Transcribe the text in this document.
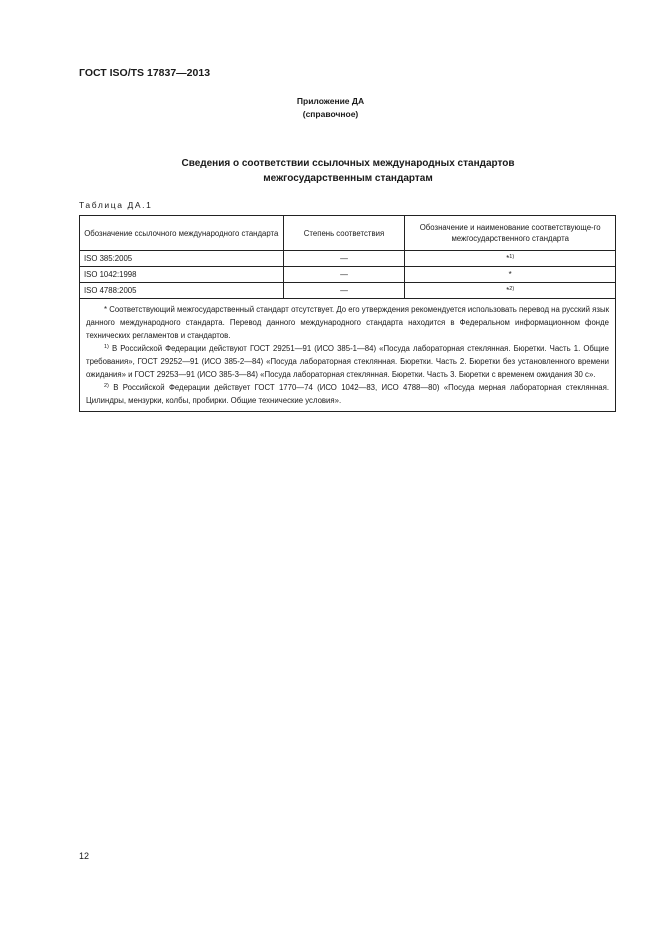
ГОСТ ISO/TS 17837—2013
Приложение ДА
(справочное)
Сведения о соответствии ссылочных международных стандартов
межгосударственным стандартам
Таблица ДА.1
Обозначение ссылочного международного стандарта	Степень соответствия	Обозначение и наименование соответствующе-го межгосударственного стандарта
ISO 385:2005	—	*$^{1)}$
ISO 1042:1998	—	*
ISO 4788:2005	—	*$^{2)}$

* Соответствующий межгосударственный стандарт отсутствует. До его утверждения рекомендуется использовать перевод на русский язык данного международного стандарта. Перевод данного международного стандарта находится в Федеральном информационном фонде технических регламентов и стандартов.

$^{1)}$ В Российской Федерации действуют ГОСТ 29251—91 (ИСО 385-1—84) «Посуда лабораторная стеклянная. Бюретки. Часть 1. Общие требования», ГОСТ 29252—91 (ИСО 385-2—84) «Посуда лабораторная стеклянная. Бюретки. Часть 2. Бюретки без установленного времени ожидания» и ГОСТ 29253—91 (ИСО 385-3—84) «Посуда лабораторная стеклянная. Бюретки. Часть 3. Бюретки с временем ожидания 30 с».

$^{2)}$ В Российской Федерации действует ГОСТ 1770—74 (ИСО 1042—83, ИСО 4788—80) «Посуда мерная лабораторная стеклянная. Цилиндры, мензурки, колбы, пробирки. Общие технические условия».		

12
